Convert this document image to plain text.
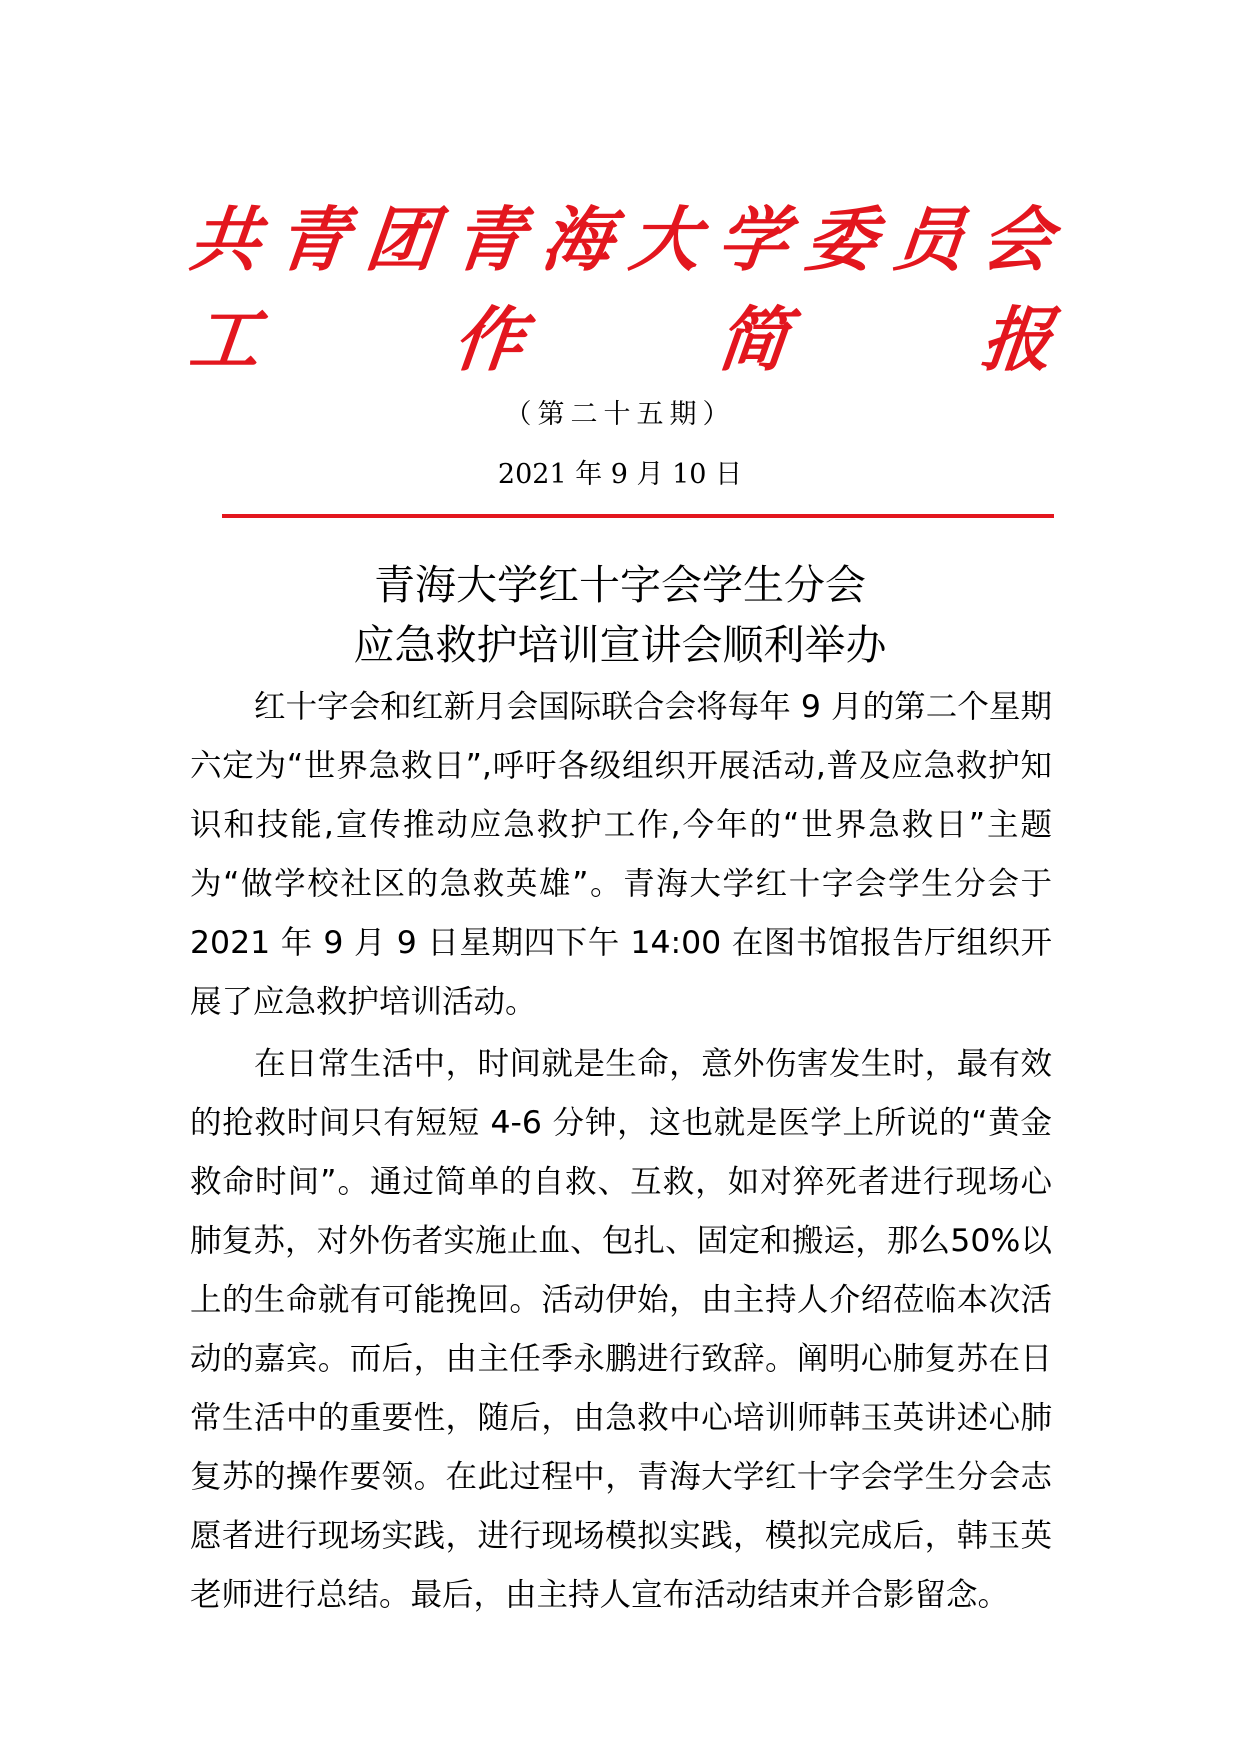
共 青 团 青 海 大 学 委 员 会
工	作	简	报
（第二十五期）
2021 年 9 月 10 日
青海大学红十字会学生分会
应急救护培训宣讲会顺利举办

红十字会和红新月会国际联合会将每年 9 月的第二个星期六定为“世界急救日”,呼吁各级组织开展活动,普及应急救护知识和技能,宣传推动应急救护工作,今年的“世界急救日”主题为“做学校社区的急救英雄”。青海大学红十字会学生分会于 2021 年 9 月 9 日星期四下午 14:00 在图书馆报告厅组织开展了应急救护培训活动。

在日常生活中，时间就是生命，意外伤害发生时，最有效的抢救时间只有短短 4-6 分钟，这也就是医学上所说的“黄金救命时间”。通过简单的自救、互救，如对猝死者进行现场心肺复苏，对外伤者实施止血、包扎、固定和搬运，那么50%以上的生命就有可能挽回。活动伊始，由主持人介绍莅临本次活动的嘉宾。而后，由主任季永鹏进行致辞。阐明心肺复苏在日常生活中的重要性，随后，由急救中心培训师韩玉英讲述心肺复苏的操作要领。在此过程中，青海大学红十字会学生分会志愿者进行现场实践，进行现场模拟实践，模拟完成后，韩玉英老师进行总结。最后，由主持人宣布活动结束并合影留念。
